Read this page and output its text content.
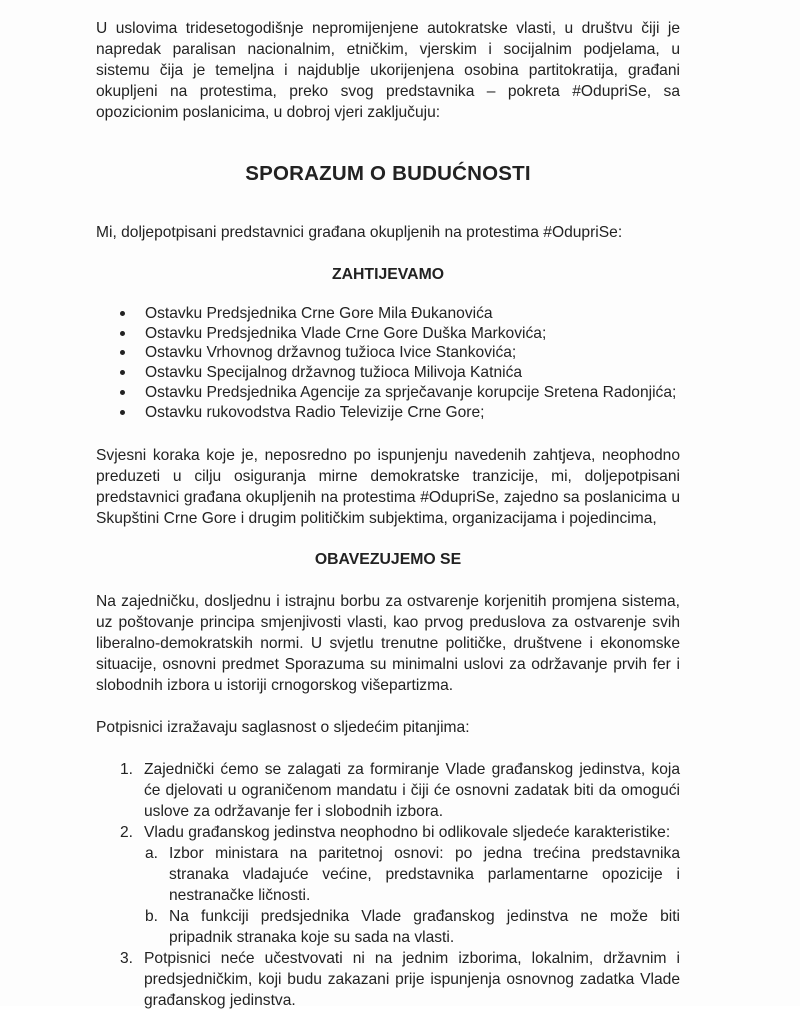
U uslovima tridesetogodišnje nepromijenjene autokratske vlasti, u društvu čiji je napredak paralisan nacionalnim, etničkim, vjerskim i socijalnim podjelama, u sistemu čija je temeljna i najdublje ukorijenjena osobina partitokratija, građani okupljeni na protestima, preko svog predstavnika – pokreta #OdupriSe, sa opozicionim poslanicima, u dobroj vjeri zaključuju:

SPORAZUM O BUDUĆNOSTI

Mi, doljepotpisani predstavnici građana okupljenih na protestima #OdupriSe:

ZAHTIJEVAMO
Ostavku Predsjednika Crne Gore Mila Đukanovića
Ostavku Predsjednika Vlade Crne Gore Duška Markovića;
Ostavku Vrhovnog državnog tužioca Ivice Stankovića;
Ostavku Specijalnog državnog tužioca Milivoja Katnića
Ostavku Predsjednika Agencije za sprječavanje korupcije Sretena Radonjića;
Ostavku rukovodstva Radio Televizije Crne Gore;

Svjesni koraka koje je, neposredno po ispunjenju navedenih zahtjeva, neophodno preduzeti u cilju osiguranja mirne demokratske tranzicije, mi, doljepotpisani predstavnici građana okupljenih na protestima #OdupriSe, zajedno sa poslanicima u Skupštini Crne Gore i drugim političkim subjektima, organizacijama i pojedincima,

OBAVEZUJEMO SE

Na zajedničku, dosljednu i istrajnu borbu za ostvarenje korjenitih promjena sistema, uz poštovanje principa smjenjivosti vlasti, kao prvog preduslova za ostvarenje svih liberalno-demokratskih normi. U svjetlu trenutne političke, društvene i ekonomske situacije, osnovni predmet Sporazuma su minimalni uslovi za održavanje prvih fer i slobodnih izbora u istoriji crnogorskog višepartizma.

Potpisnici izražavaju saglasnost o sljedećim pitanjima:

1. Zajednički ćemo se zalagati za formiranje Vlade građanskog jedinstva, koja će djelovati u ograničenom mandatu i čiji će osnovni zadatak biti da omogući uslove za održavanje fer i slobodnih izbora.

2. Vladu građanskog jedinstva neophodno bi odlikovale sljedeće karakteristike:

a. Izbor ministara na paritetnoj osnovi: po jedna trećina predstavnika stranaka vladajuće većine, predstavnika parlamentarne opozicije i nestranačke ličnosti.

b. Na funkciji predsjednika Vlade građanskog jedinstva ne može biti pripadnik stranaka koje su sada na vlasti.

3. Potpisnici neće učestvovati ni na jednim izborima, lokalnim, državnim i predsjedničkim, koji budu zakazani prije ispunjenja osnovnog zadatka Vlade građanskog jedinstva.
